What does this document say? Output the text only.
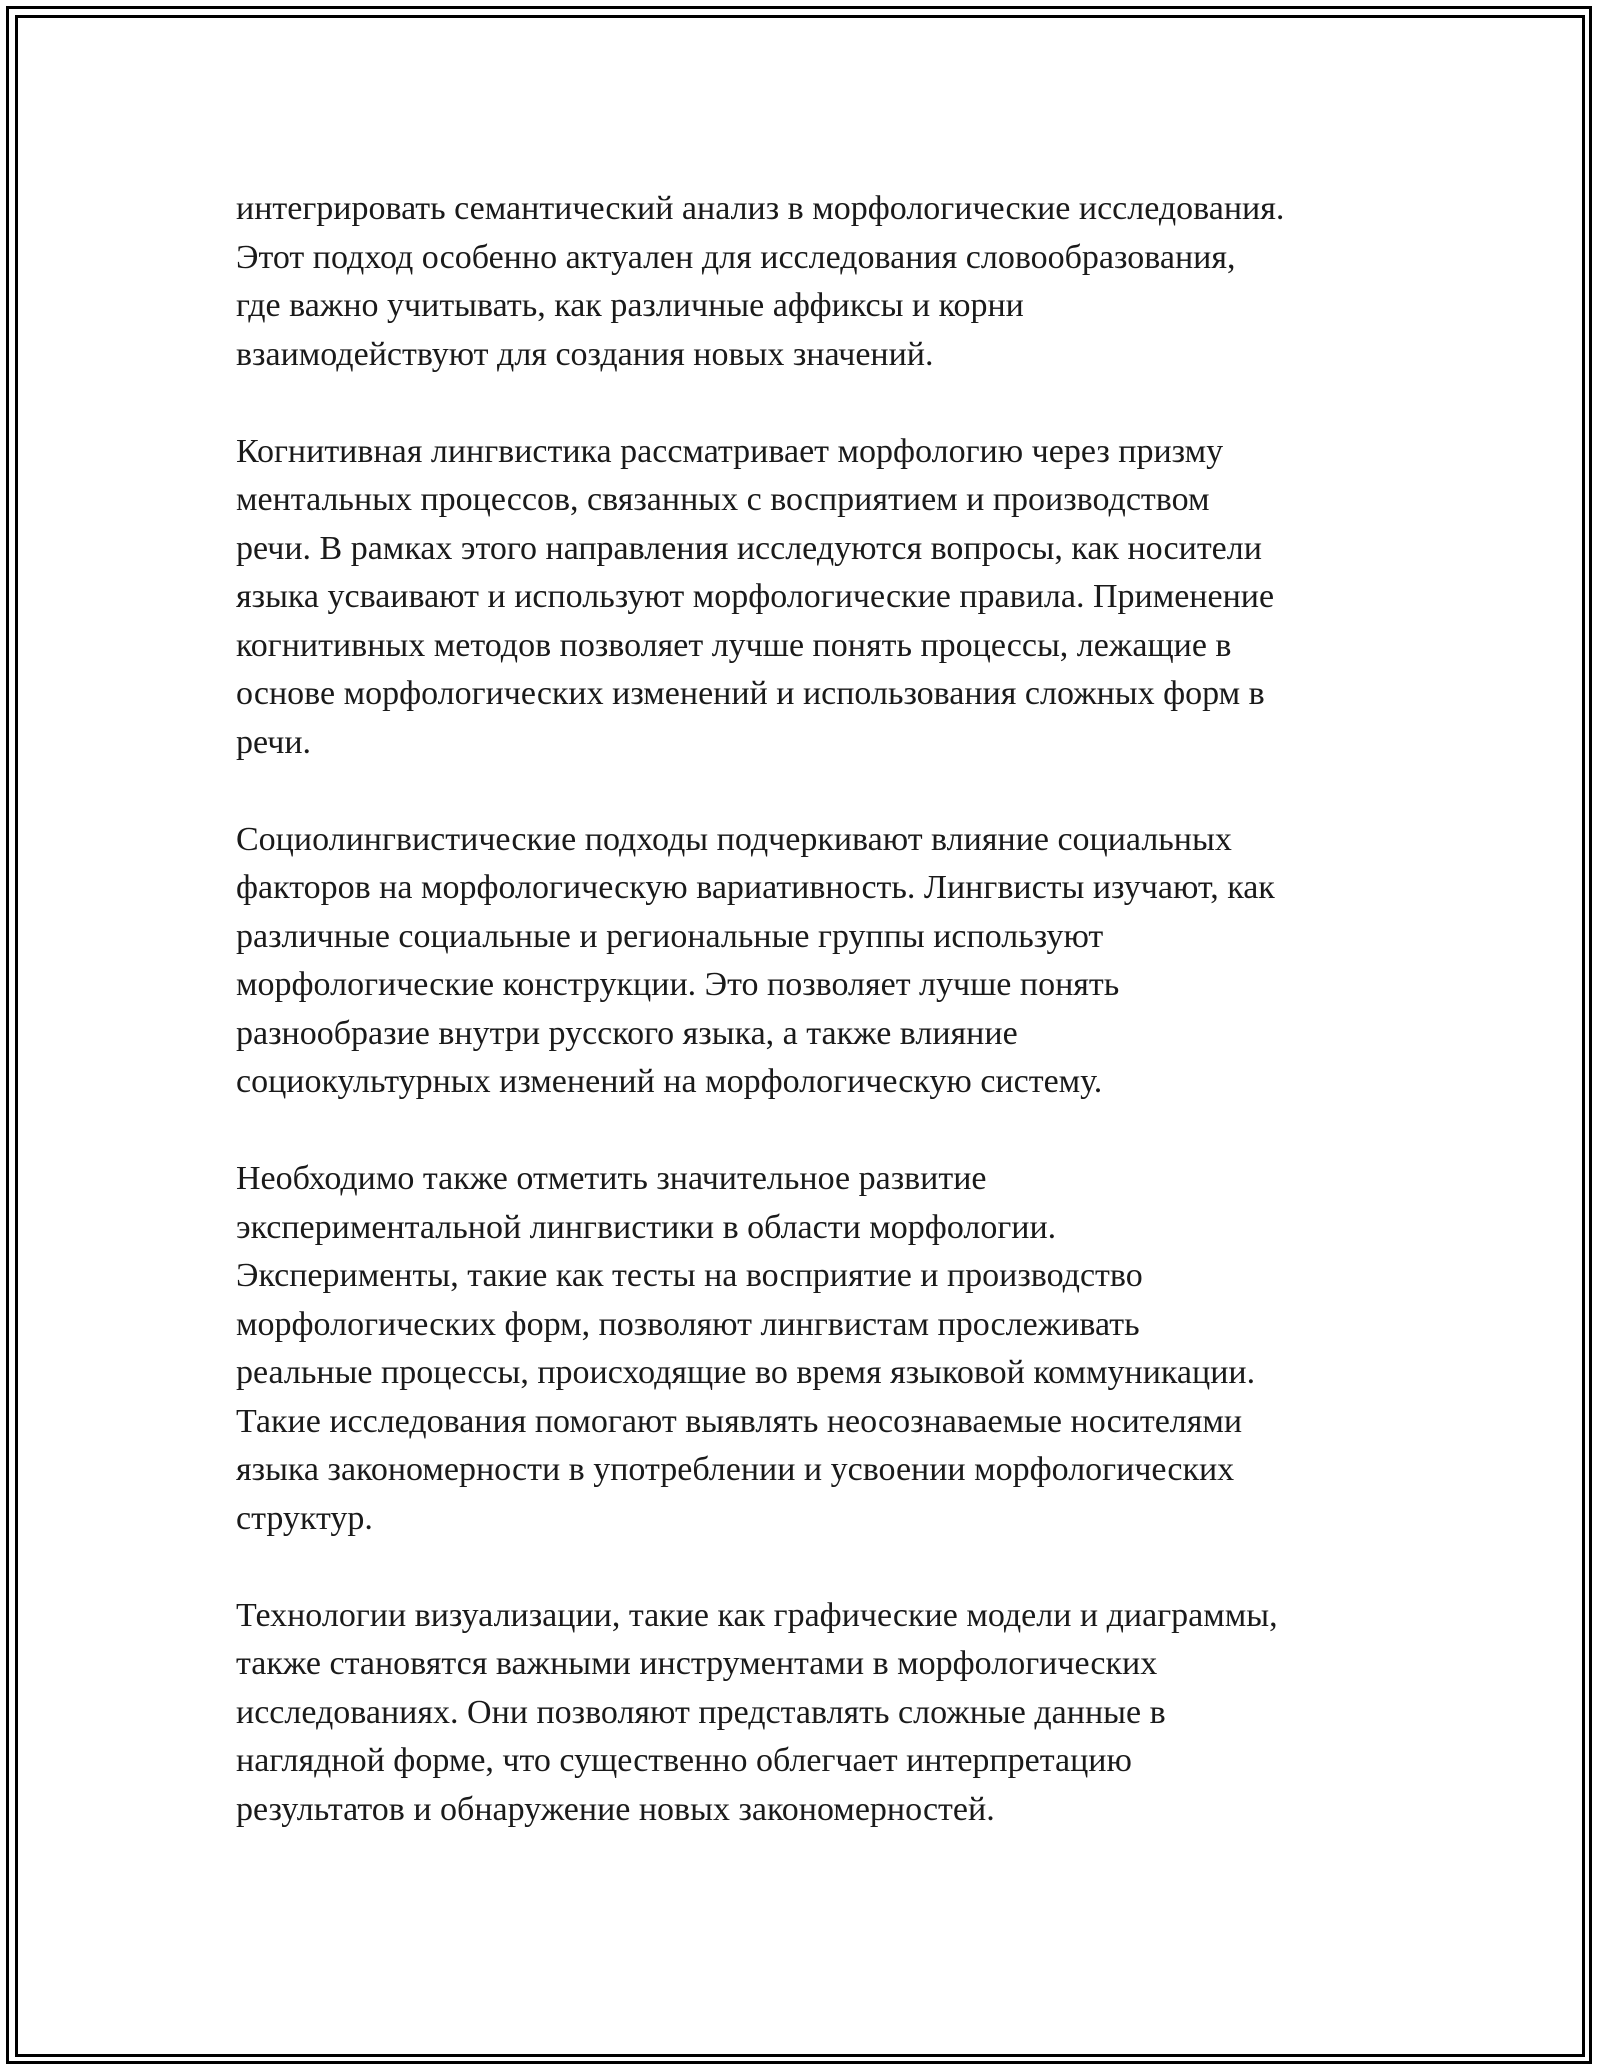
интегрировать семантический анализ в морфологические исследования.
Этот подход особенно актуален для исследования словообразования,
где важно учитывать, как различные аффиксы и корни
взаимодействуют для создания новых значений.

Когнитивная лингвистика рассматривает морфологию через призму
ментальных процессов, связанных с восприятием и производством
речи. В рамках этого направления исследуются вопросы, как носители
языка усваивают и используют морфологические правила. Применение
когнитивных методов позволяет лучше понять процессы, лежащие в
основе морфологических изменений и использования сложных форм в
речи.

Социолингвистические подходы подчеркивают влияние социальных
факторов на морфологическую вариативность. Лингвисты изучают, как
различные социальные и региональные группы используют
морфологические конструкции. Это позволяет лучше понять
разнообразие внутри русского языка, а также влияние
социокультурных изменений на морфологическую систему.

Необходимо также отметить значительное развитие
экспериментальной лингвистики в области морфологии.
Эксперименты, такие как тесты на восприятие и производство
морфологических форм, позволяют лингвистам прослеживать
реальные процессы, происходящие во время языковой коммуникации.
Такие исследования помогают выявлять неосознаваемые носителями
языка закономерности в употреблении и усвоении морфологических
структур.

Технологии визуализации, такие как графические модели и диаграммы,
также становятся важными инструментами в морфологических
исследованиях. Они позволяют представлять сложные данные в
наглядной форме, что существенно облегчает интерпретацию
результатов и обнаружение новых закономерностей.
